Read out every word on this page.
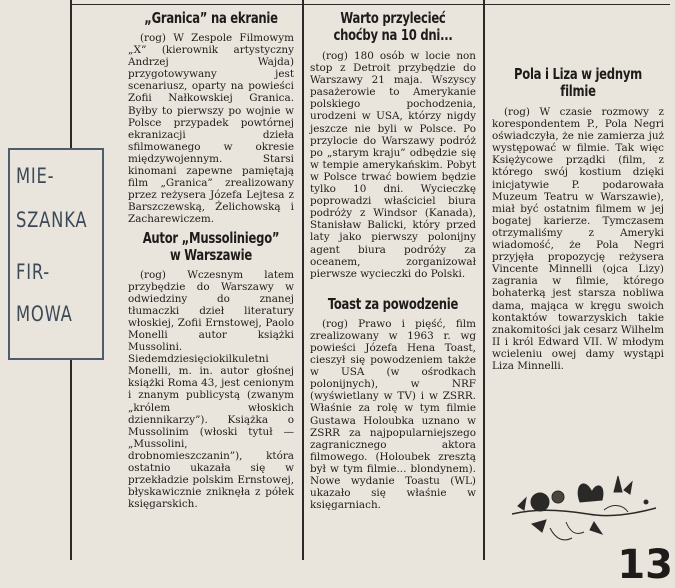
MIE-
SZANKA
FIR-
MOWA
„Granica” na ekranie

(rog) W Zespole Filmowym „X” (kierownik artystyczny Andrzej Wajda) przygotowywany jest scenariusz, oparty na powieści Zofii Nałkowskiej Granica. Byłby to pierwszy po wojnie w Polsce przypadek powtórnej ekranizacji dzieła sfilmowanego w okresie międzywojennym. Starsi kinomani zapewne pamiętają film „Granica” zrealizowany przez reżysera Józefa Lejtesa z Barszczewską, Żelichowską i Zacharewiczem.

Autor „Mussoliniego” w Warszawie

(rog) Wczesnym latem przybędzie do Warszawy w odwiedziny do znanej tłumaczki dzieł literatury włoskiej, Zofii Ernstowej, Paolo Monelli autor książki Mussolini. Siedemdziesięciokilkuletni Monelli, m. in. autor głośnej książki Roma 43, jest cenionym i znanym publicystą (zwanym „królem włoskich dziennikarzy”). Książka o Mussolinim (włoski tytuł — „Mussolini, drobnomieszczanin”), która ostatnio ukazała się w przekładzie polskim Ernstowej, błyskawicznie zniknęła z półek księgarskich.

Warto przylecieć choćby na 10 dni...

(rog) 180 osób w locie non stop z Detroit przybędzie do Warszawy 21 maja. Wszyscy pasażerowie to Amerykanie polskiego pochodzenia, urodzeni w USA, którzy nigdy jeszcze nie byli w Polsce. Po przylocie do Warszawy podróż po „starym kraju” odbędzie się w tempie amerykańskim. Pobyt w Polsce trwać bowiem będzie tylko 10 dni. Wycieczkę poprowadzi właściciel biura podróży z Windsor (Kanada), Stanisław Balicki, który przed laty jako pierwszy polonijny agent biura podróży za oceanem, zorganizował pierwsze wycieczki do Polski.

Toast za powodzenie

(rog) Prawo i pięść, film zrealizowany w 1963 r. wg powieści Józefa Hena Toast, cieszył się powodzeniem także w USA (w ośrodkach polonijnych), w NRF (wyświetlany w TV) i w ZSRR. Właśnie za rolę w tym filmie Gustawa Holoubka uznano w ZSRR za najpopularniejszego zagranicznego aktora filmowego. (Holoubek zresztą był w tym filmie... blondynem). Nowe wydanie Toastu (WL) ukazało się właśnie w księgarniach.

Pola i Liza w jednym filmie

(rog) W czasie rozmowy z korespondentem P., Pola Negri oświadczyła, że nie zamierza już występować w filmie. Tak więc Księżycowe prządki (film, z którego swój kostium dzięki inicjatywie P. podarowała Muzeum Teatru w Warszawie), miał być ostatnim filmem w jej bogatej karierze. Tymczasem otrzymaliśmy z Ameryki wiadomość, że Pola Negri przyjęła propozycję reżysera Vincente Minnelli (ojca Lizy) zagrania w filmie, którego bohaterką jest starsza nobliwa dama, mająca w kręgu swoich kontaktów towarzyskich takie znakomitości jak cesarz Wilhelm II i król Edward VII. W młodym wcieleniu owej damy wystąpi Liza Minnelli.

13
